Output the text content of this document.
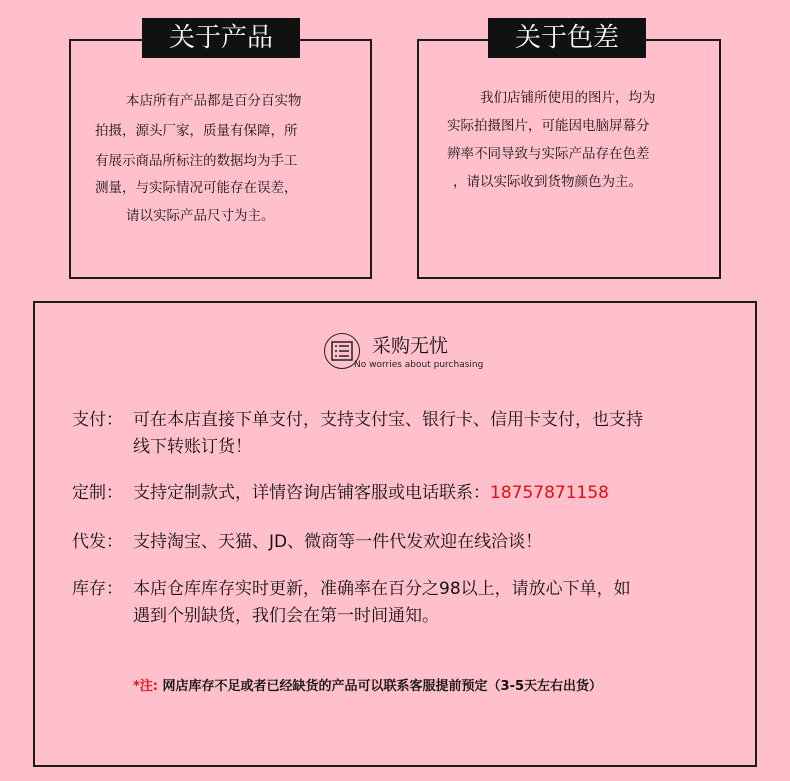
关于产品
本店所有产品都是百分百实物
拍摄，源头厂家，质量有保障，所
有展示商品所标注的数据均为手工
测量，与实际情况可能存在误差，
请以实际产品尺寸为主。
关于色差
我们店铺所使用的图片，均为
实际拍摄图片，可能因电脑屏幕分
辨率不同导致与实际产品存在色差
，请以实际收到货物颜色为主。
采购无忧
No worries about purchasing
支付： 可在本店直接下单支付，支持支付宝、银行卡、信用卡支付，也支持
线下转账订货！
定制： 支持定制款式，详情咨询店铺客服或电话联系：18757871158
代发： 支持淘宝、天猫、JD、微商等一件代发欢迎在线洽谈！
库存： 本店仓库库存实时更新，准确率在百分之98以上，请放心下单，如
遇到个别缺货，我们会在第一时间通知。
*注: 网店库存不足或者已经缺货的产品可以联系客服提前预定（3-5天左右出货）
